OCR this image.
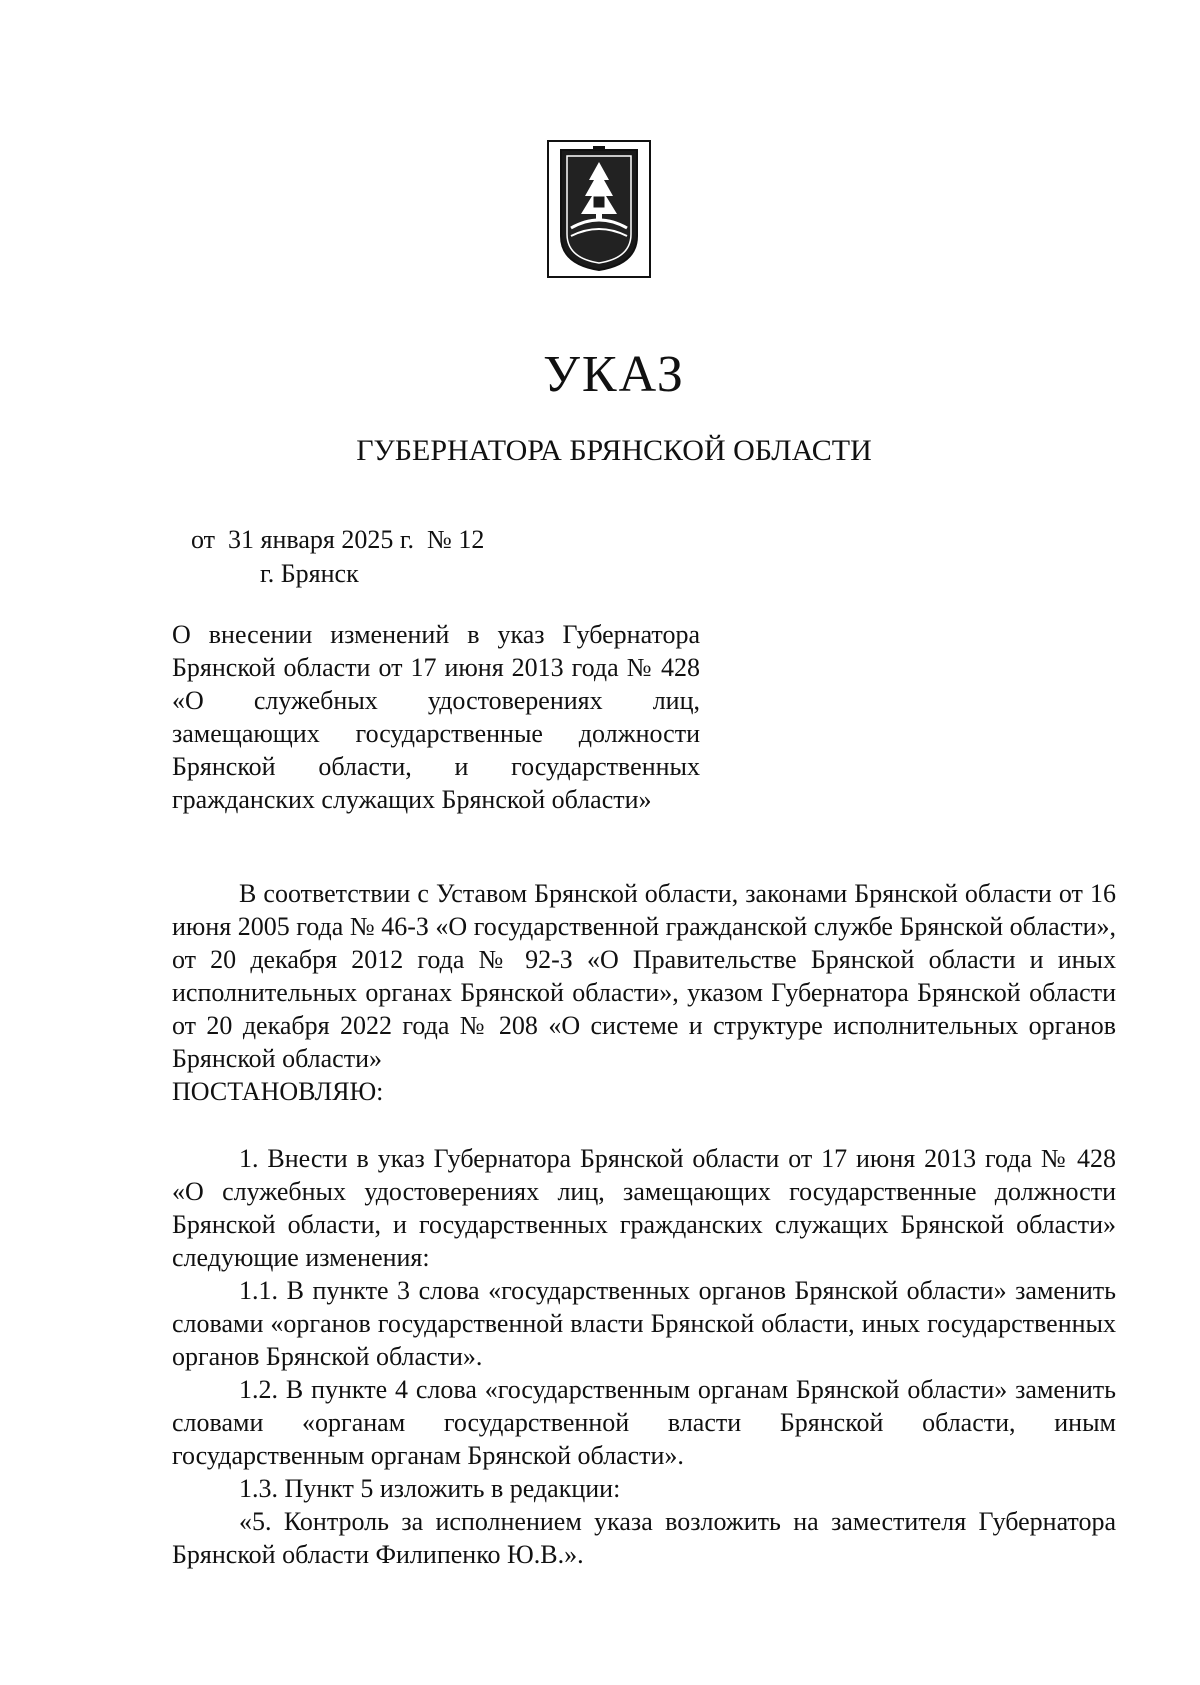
УКАЗ
ГУБЕРНАТОРА БРЯНСКОЙ ОБЛАСТИ
от  31 января 2025 г.  № 12
г. Брянск
О внесении изменений в указ Губернатора Брянской области от 17 июня 2013 года № 428 «О служебных удостоверениях лиц, замещающих государственные должности Брянской области, и государственных гражданских служащих Брянской области»

В соответствии с Уставом Брянской области, законами Брянской области от 16 июня 2005 года № 46-З «О государственной гражданской службе Брянской области», от 20 декабря 2012 года № 92-З «О Правительстве Брянской области и иных исполнительных органах Брянской области», указом Губернатора Брянской области от 20 декабря 2022 года № 208 «О системе и структуре исполнительных органов Брянской области»

ПОСТАНОВЛЯЮ:

1. Внести в указ Губернатора Брянской области от 17 июня 2013 года № 428 «О служебных удостоверениях лиц, замещающих государственные должности Брянской области, и государственных гражданских служащих Брянской области» следующие изменения:

1.1. В пункте 3 слова «государственных органов Брянской области» заменить словами «органов государственной власти Брянской области, иных государственных органов Брянской области».

1.2. В пункте 4 слова «государственным органам Брянской области» заменить словами «органам государственной власти Брянской области, иным государственным органам Брянской области».

1.3. Пункт 5 изложить в редакции:

«5. Контроль за исполнением указа возложить на заместителя Губернатора Брянской области Филипенко Ю.В.».
